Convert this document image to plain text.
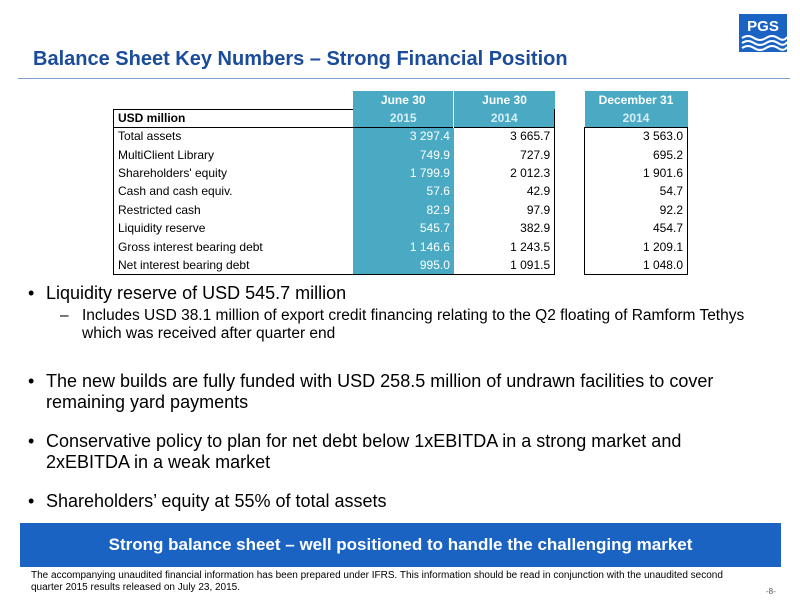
PGS
Balance Sheet Key Numbers – Strong Financial Position
	June 30	June 30		December 31
USD million	2015	2014		2014
Total assets	3 297.4	3 665.7		3 563.0
MultiClient Library	749.9	727.9		695.2
Shareholders' equity	1 799.9	2 012.3		1 901.6
Cash and cash equiv.	57.6	42.9		54.7
Restricted cash	82.9	97.9		92.2
Liquidity reserve	545.7	382.9		454.7
Gross interest bearing debt	1 146.6	1 243.5		1 209.1
Net interest bearing debt	995.0	1 091.5		1 048.0
• Liquidity reserve of USD 545.7 million
– Includes USD 38.1 million of export credit financing relating to the Q2 floating of Ramform Tethys which was received after quarter end
• The new builds are fully funded with USD 258.5 million of undrawn facilities to cover remaining yard payments
• Conservative policy to plan for net debt below 1xEBITDA in a strong market and 2xEBITDA in a weak market
• Shareholders’ equity at 55% of total assets
Strong balance sheet – well positioned to handle the challenging market
The accompanying unaudited financial information has been prepared under IFRS. This information should be read in conjunction with the unaudited second quarter 2015 results released on July 23, 2015.	-8-
